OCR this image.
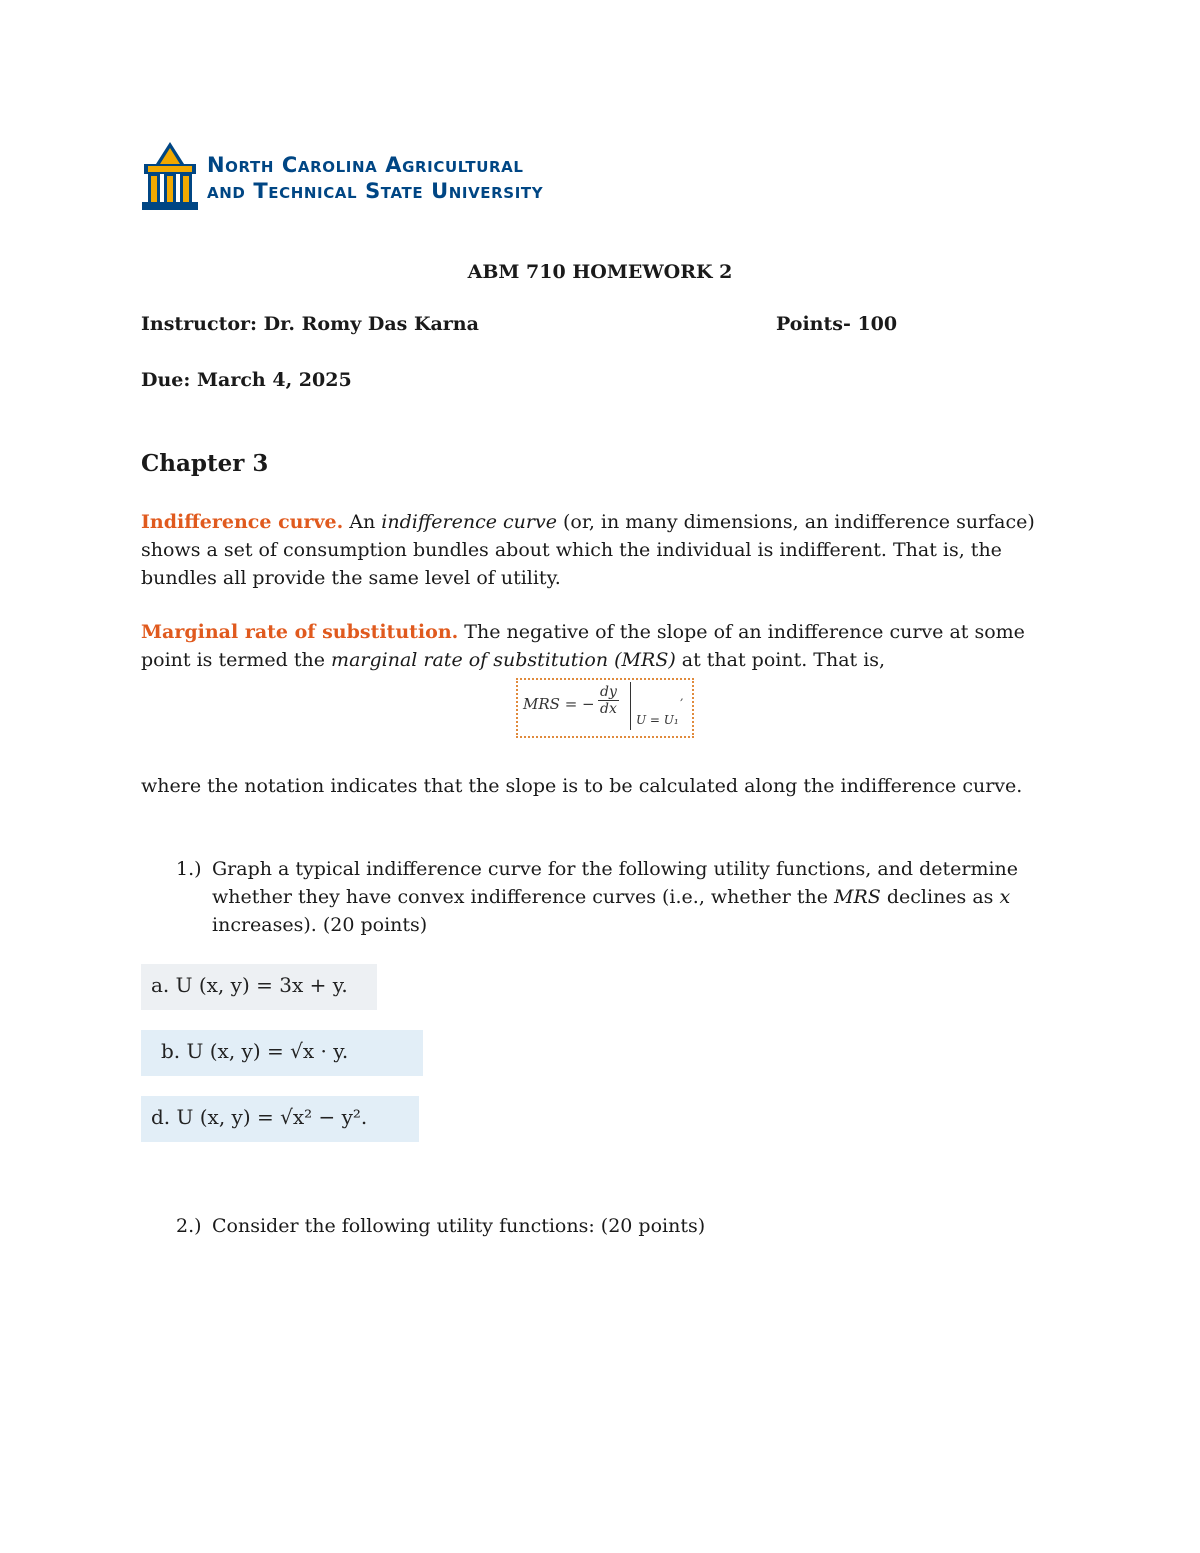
North Carolina Agricultural
and Technical State University
ABM 710 HOMEWORK 2
Instructor: Dr. Romy Das Karna	Points- 100
Due: March 4, 2025
Chapter 3
Indifference curve. An indifference curve (or, in many dimensions, an indifference surface) shows a set of consumption bundles about which the individual is indifferent. That is, the bundles all provide the same level of utility.
Marginal rate of substitution. The negative of the slope of an indifference curve at some point is termed the marginal rate of substitution (MRS) at that point. That is,
MRS = − $\frac{dy}{dx}$
U = U₁
,
where the notation indicates that the slope is to be calculated along the indifference curve.
1.) Graph a typical indifference curve for the following utility functions, and determine whether they have convex indifference curves (i.e., whether the MRS declines as x increases). (20 points)
a. U (x, y) = 3x + y.
b. U (x, y) = √x · y.
d. U (x, y) = √x² − y².
2.) Consider the following utility functions: (20 points)
